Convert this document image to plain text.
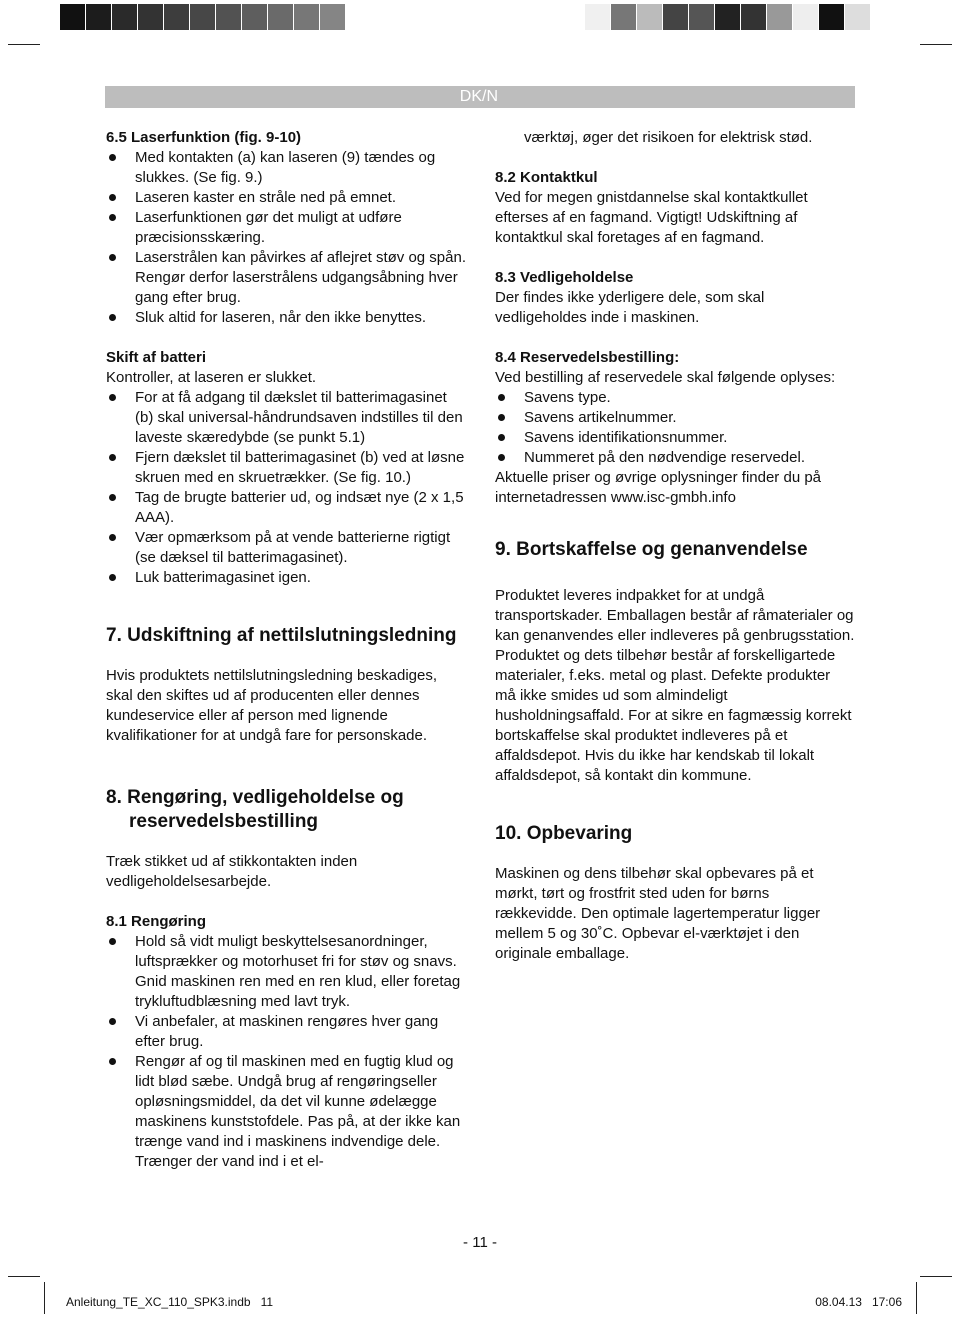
DK/N

6.5 Laserfunktion (fig. 9-10)

Med kontakten (a) kan laseren (9) tændes og slukkes. (Se fig. 9.)
Laseren kaster en stråle ned på emnet.
Laserfunktionen gør det muligt at udføre præcisionsskæring.
Laserstrålen kan påvirkes af aflejret støv og spån. Rengør derfor laserstrålens udgangsåbning hver gang efter brug.
Sluk altid for laseren, når den ikke benyttes.

Skift af batteri

Kontroller, at laseren er slukket.

For at få adgang til dækslet til batterimagasinet (b) skal universal-håndrundsaven indstilles til den laveste skæredybde (se punkt 5.1)
Fjern dækslet til batterimagasinet (b) ved at løsne skruen med en skruetrækker. (Se fig. 10.)
Tag de brugte batterier ud, og indsæt nye (2 x 1,5 AAA).
Vær opmærksom på at vende batterierne rigtigt (se dæksel til batterimagasinet).
Luk batterimagasinet igen.

7. Udskiftning af nettilslutningsledning

Hvis produktets nettilslutningsledning beskadiges, skal den skiftes ud af producenten eller dennes kundeservice eller af person med lignende kvalifikationer for at undgå fare for personskade.

8. Rengøring, vedligeholdelse og reservedelsbestilling

Træk stikket ud af stikkontakten inden vedligeholdelsesarbejde.

8.1 Rengøring

Hold så vidt muligt beskyttelsesanordninger, luftsprækker og motorhuset fri for støv og snavs. Gnid maskinen ren med en ren klud, eller foretag trykluftudblæsning med lavt tryk.
Vi anbefaler, at maskinen rengøres hver gang efter brug.
Rengør af og til maskinen med en fugtig klud og lidt blød sæbe. Undgå brug af rengøringseller opløsningsmiddel, da det vil kunne ødelægge maskinens kunststofdele. Pas på, at der ikke kan trænge vand ind i maskinens indvendige dele. Trænger der vand ind i et el-

værktøj, øger det risikoen for elektrisk stød.

8.2 Kontaktkul

Ved for megen gnistdannelse skal kontaktkullet efterses af en fagmand. Vigtigt! Udskiftning af kontaktkul skal foretages af en fagmand.

8.3 Vedligeholdelse

Der findes ikke yderligere dele, som skal vedligeholdes inde i maskinen.

8.4 Reservedelsbestilling:

Ved bestilling af reservedele skal følgende oplyses:

Savens type.
Savens artikelnummer.
Savens identifikationsnummer.
Nummeret på den nødvendige reservedel.

Aktuelle priser og øvrige oplysninger finder du på internetadressen www.isc-gmbh.info

9. Bortskaffelse og genanvendelse

Produktet leveres indpakket for at undgå transportskader. Emballagen består af råmaterialer og kan genanvendes eller indleveres på genbrugsstation. Produktet og dets tilbehør består af forskelligartede materialer, f.eks. metal og plast. Defekte produkter må ikke smides ud som almindeligt husholdningsaffald. For at sikre en fagmæssig korrekt bortskaffelse skal produktet indleveres på et affaldsdepot. Hvis du ikke har kendskab til lokalt affaldsdepot, så kontakt din kommune.

10. Opbevaring

Maskinen og dens tilbehør skal opbevares på et mørkt, tørt og frostfrit sted uden for børns rækkevidde. Den optimale lagertemperatur ligger mellem 5 og 30˚C. Opbevar el-værktøjet i den originale emballage.

- 11 -
Anleitung_TE_XC_110_SPK3.indb   11	08.04.13   17:06
